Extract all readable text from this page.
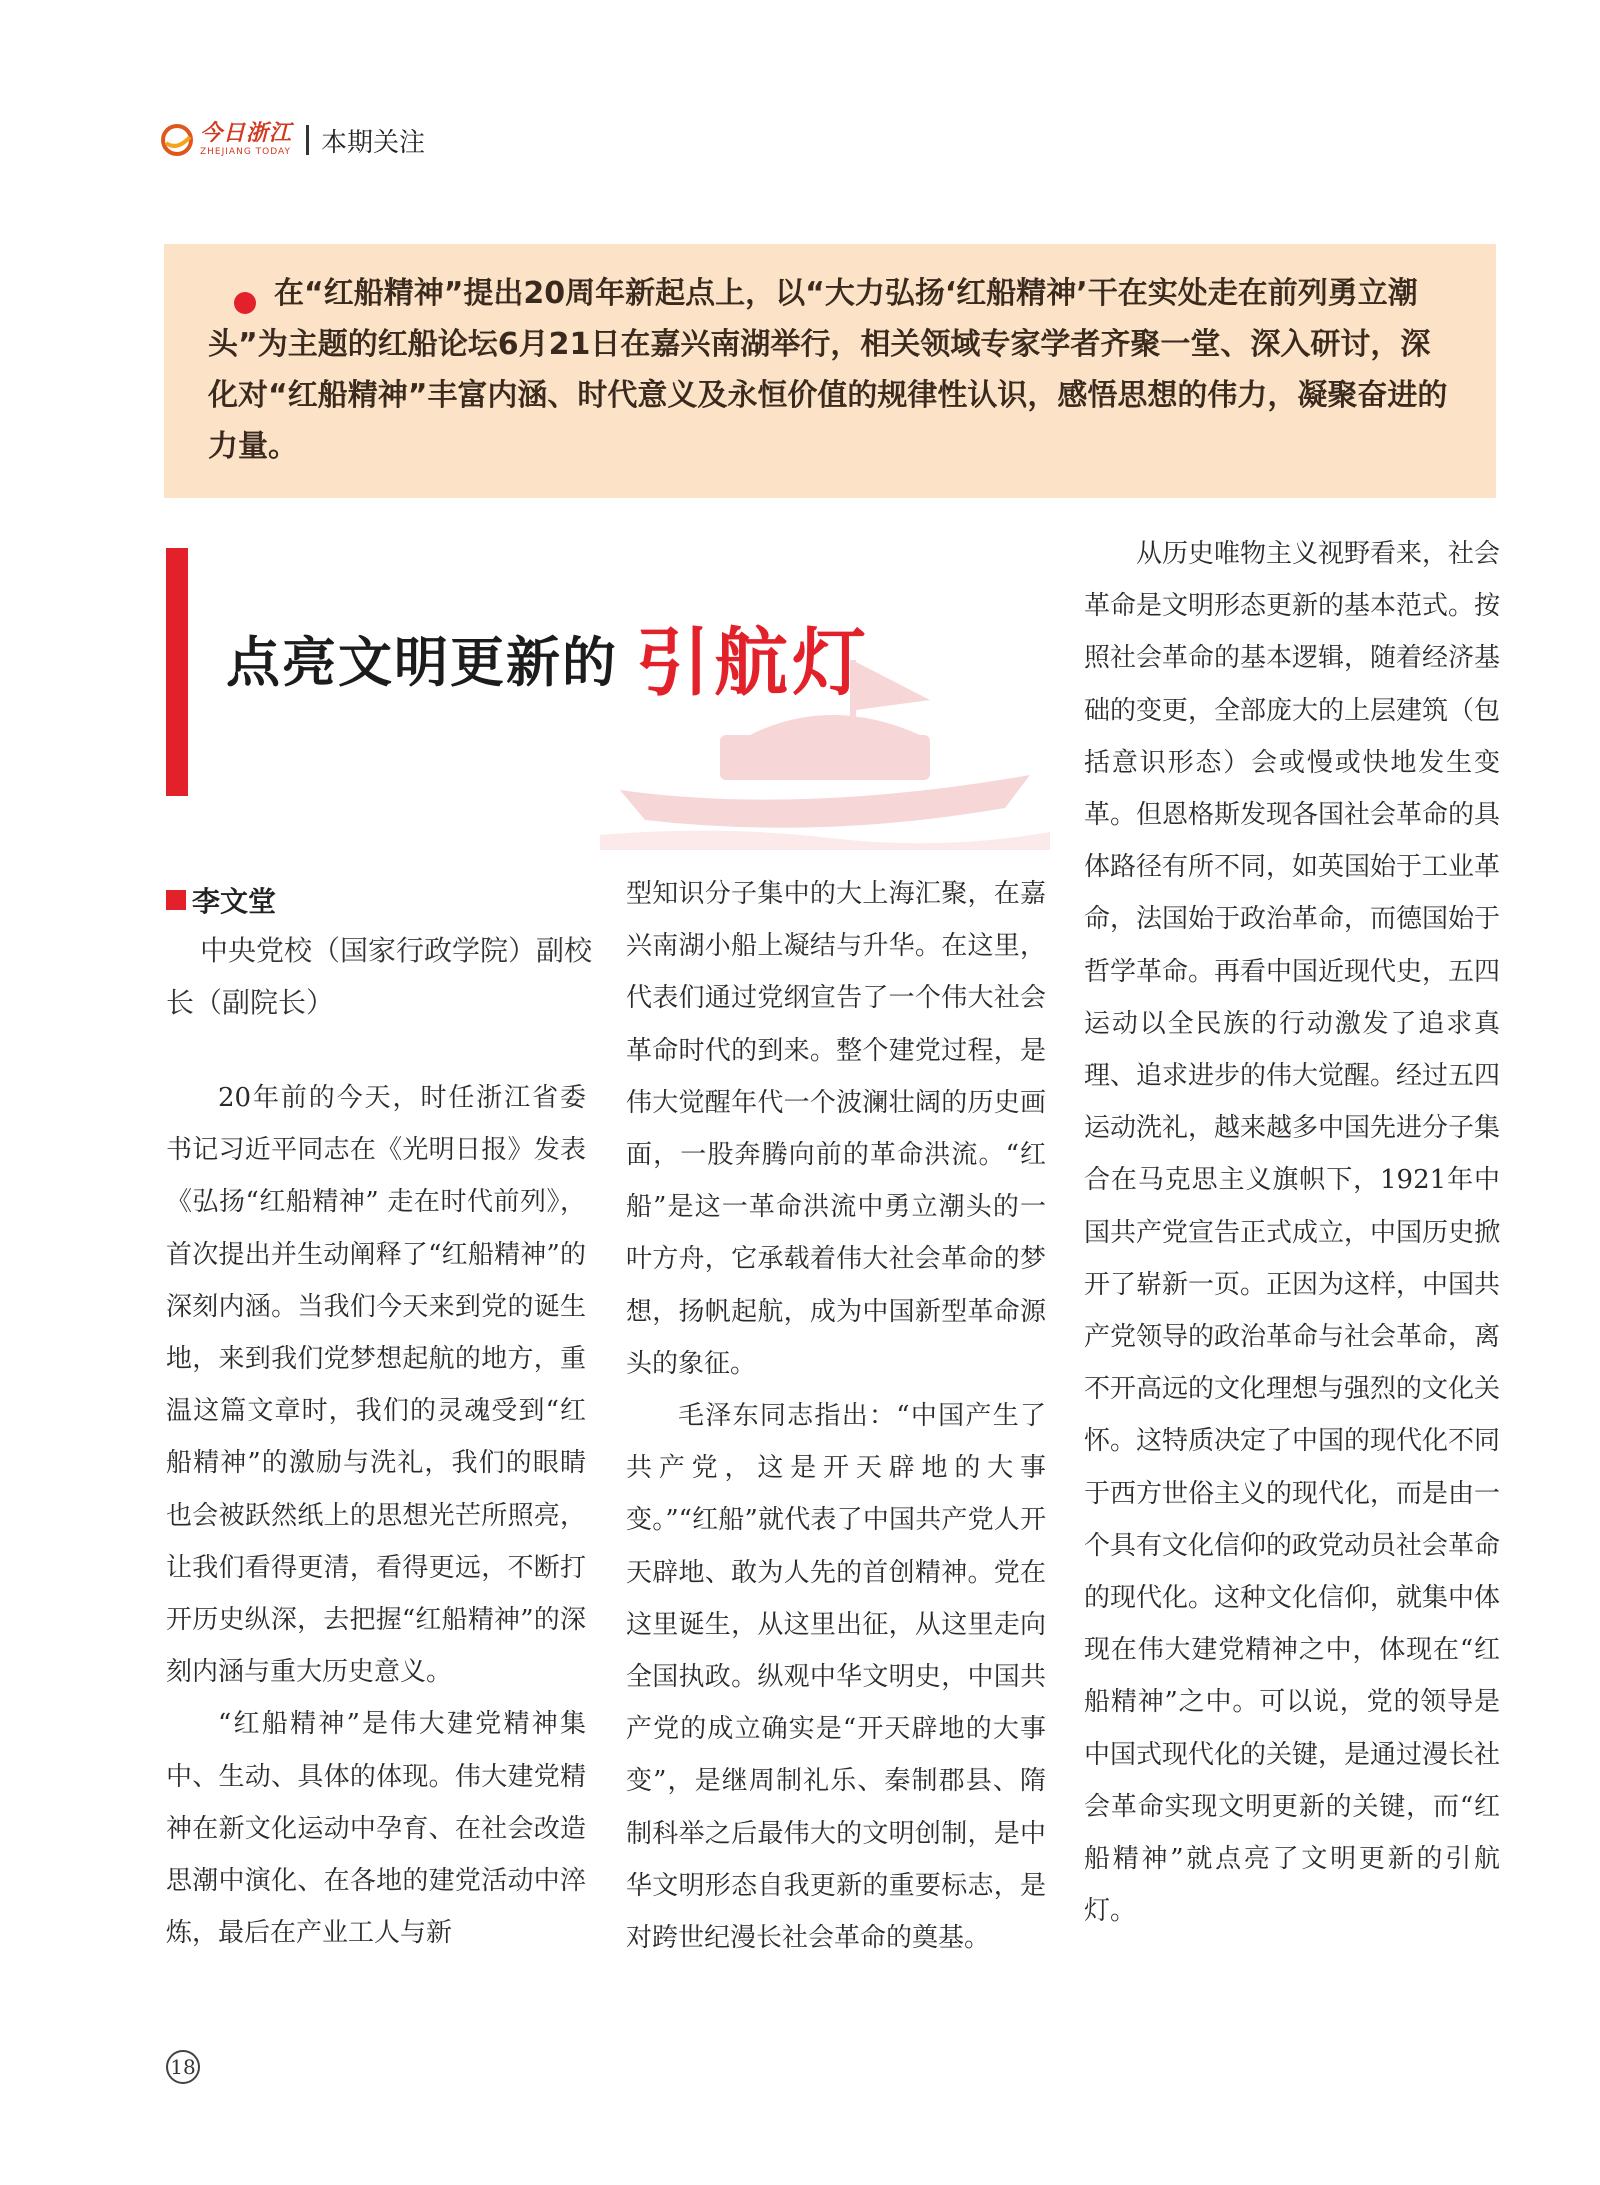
今日浙江
ZHEJIANG TODAY 本期关注

在“红船精神”提出20周年新起点上，以“大力弘扬‘红船精神’干在实处走在前列勇立潮头”为主题的红船论坛6月21日在嘉兴南湖举行，相关领域专家学者齐聚一堂、深入研讨，深化对“红船精神”丰富内涵、时代意义及永恒价值的规律性认识，感悟思想的伟力，凝聚奋进的力量。

点亮文明更新的 引航灯
李文堂

中央党校（国家行政学院）副校长（副院长）

20年前的今天，时任浙江省委书记习近平同志在《光明日报》发表《弘扬“红船精神” 走在时代前列》，首次提出并生动阐释了“红船精神”的深刻内涵。当我们今天来到党的诞生地，来到我们党梦想起航的地方，重温这篇文章时，我们的灵魂受到“红船精神”的激励与洗礼，我们的眼睛也会被跃然纸上的思想光芒所照亮，让我们看得更清，看得更远，不断打开历史纵深，去把握“红船精神”的深刻内涵与重大历史意义。

“红船精神”是伟大建党精神集中、生动、具体的体现。伟大建党精神在新文化运动中孕育、在社会改造思潮中演化、在各地的建党活动中淬炼，最后在产业工人与新

型知识分子集中的大上海汇聚，在嘉兴南湖小船上凝结与升华。在这里，代表们通过党纲宣告了一个伟大社会革命时代的到来。整个建党过程，是伟大觉醒年代一个波澜壮阔的历史画面，一股奔腾向前的革命洪流。“红船”是这一革命洪流中勇立潮头的一叶方舟，它承载着伟大社会革命的梦想，扬帆起航，成为中国新型革命源头的象征。

毛泽东同志指出：“中国产生了共产党，这是开天辟地的大事变。”“红船”就代表了中国共产党人开天辟地、敢为人先的首创精神。党在这里诞生，从这里出征，从这里走向全国执政。纵观中华文明史，中国共产党的成立确实是“开天辟地的大事变”，是继周制礼乐、秦制郡县、隋制科举之后最伟大的文明创制，是中华文明形态自我更新的重要标志，是对跨世纪漫长社会革命的奠基。

从历史唯物主义视野看来，社会革命是文明形态更新的基本范式。按照社会革命的基本逻辑，随着经济基础的变更，全部庞大的上层建筑（包括意识形态）会或慢或快地发生变革。但恩格斯发现各国社会革命的具体路径有所不同，如英国始于工业革命，法国始于政治革命，而德国始于哲学革命。再看中国近现代史，五四运动以全民族的行动激发了追求真理、追求进步的伟大觉醒。经过五四运动洗礼，越来越多中国先进分子集合在马克思主义旗帜下，1921年中国共产党宣告正式成立，中国历史掀开了崭新一页。正因为这样，中国共产党领导的政治革命与社会革命，离不开高远的文化理想与强烈的文化关怀。这特质决定了中国的现代化不同于西方世俗主义的现代化，而是由一个具有文化信仰的政党动员社会革命的现代化。这种文化信仰，就集中体现在伟大建党精神之中，体现在“红船精神”之中。可以说，党的领导是中国式现代化的关键，是通过漫长社会革命实现文明更新的关键，而“红船精神”就点亮了文明更新的引航灯。

18
